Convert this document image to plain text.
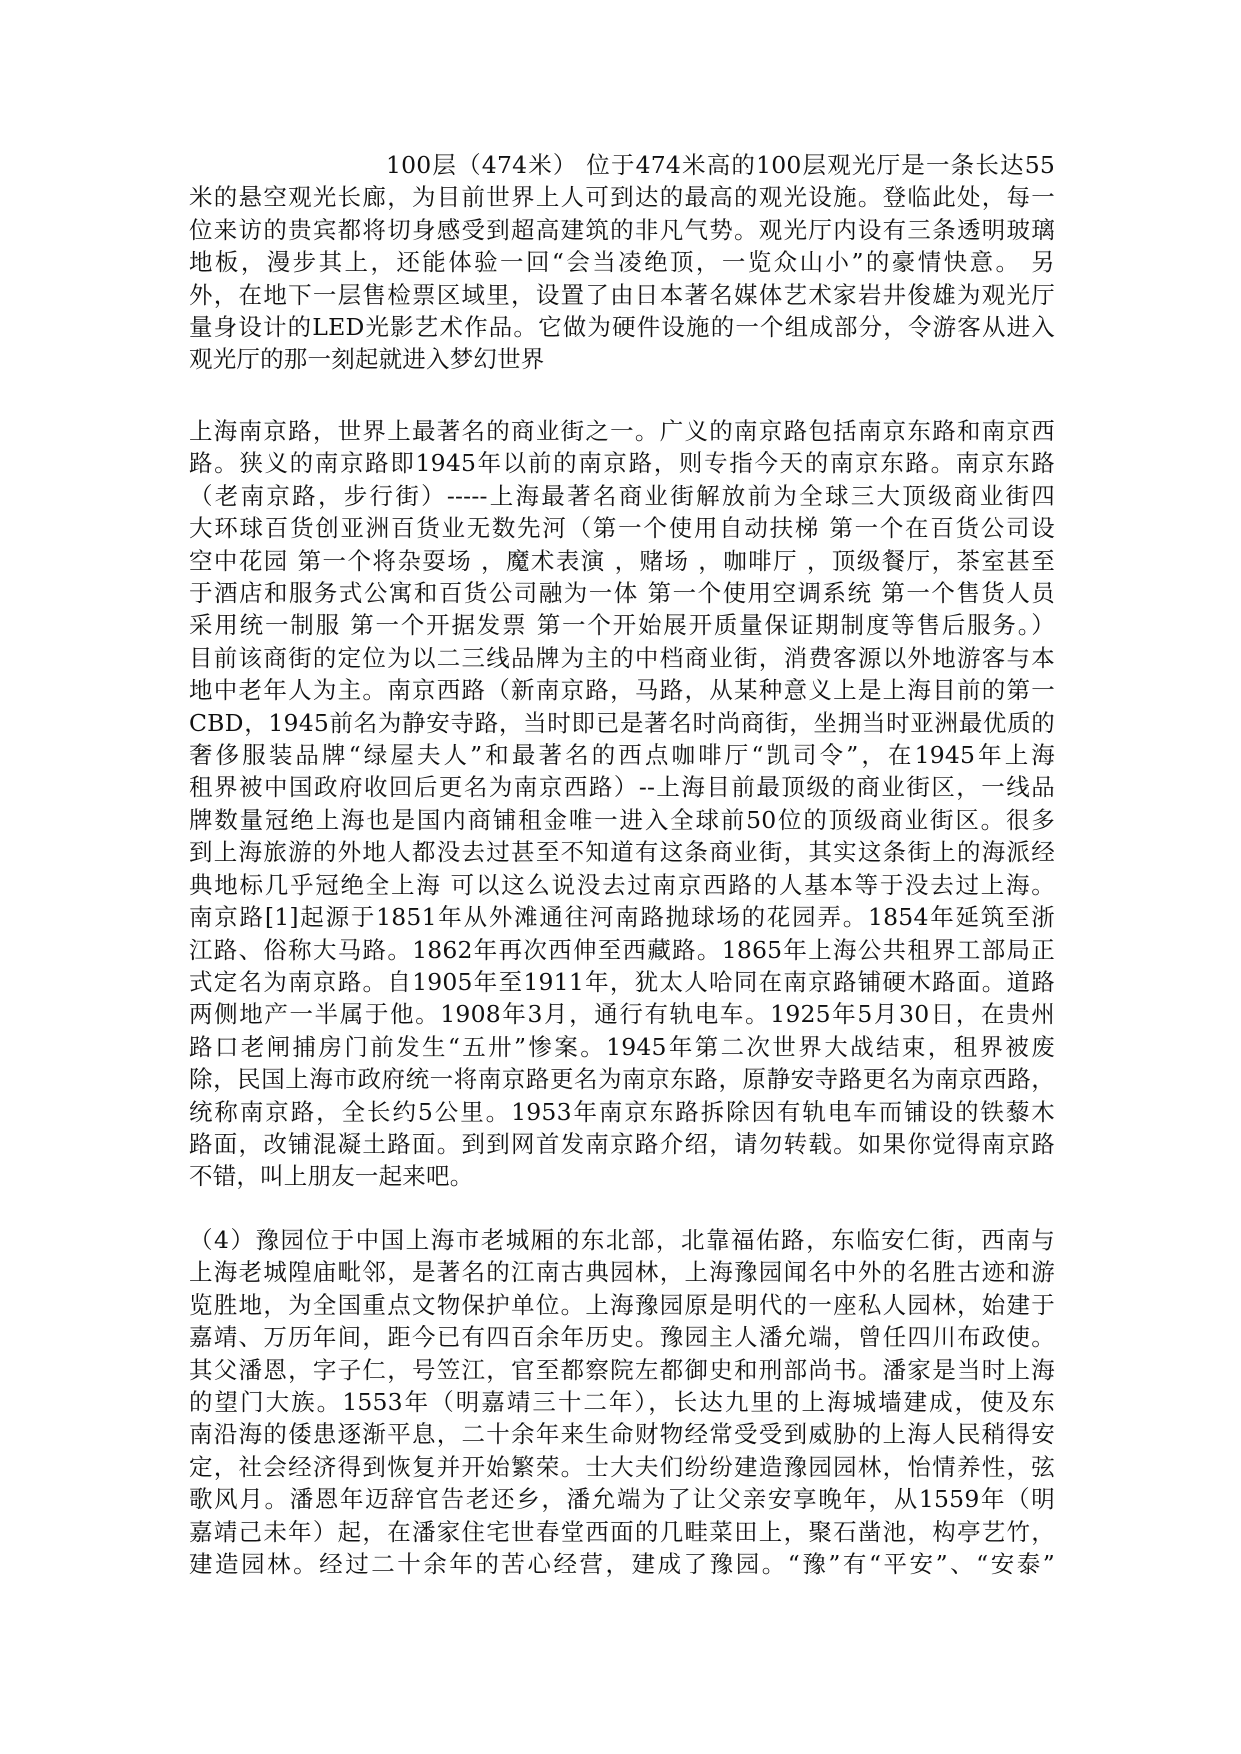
100层（474米） 位于474米高的100层观光厅是一条长达55
米的悬空观光长廊，为目前世界上人可到达的最高的观光设施。登临此处，每一
位来访的贵宾都将切身感受到超高建筑的非凡气势。观光厅内设有三条透明玻璃
地板，漫步其上，还能体验一回“会当凌绝顶，一览众山小”的豪情快意。 另
外，在地下一层售检票区域里，设置了由日本著名媒体艺术家岩井俊雄为观光厅
量身设计的LED光影艺术作品。它做为硬件设施的一个组成部分，令游客从进入
观光厅的那一刻起就进入梦幻世界
上海南京路，世界上最著名的商业街之一。广义的南京路包括南京东路和南京西
路。狭义的南京路即1945年以前的南京路，则专指今天的南京东路。南京东路
（老南京路，步行街）-----上海最著名商业街解放前为全球三大顶级商业街四
大环球百货创亚洲百货业无数先河（第一个使用自动扶梯 第一个在百货公司设
空中花园 第一个将杂耍场 ，魔术表演 ，赌场 ，咖啡厅 ，顶级餐厅，茶室甚至
于酒店和服务式公寓和百货公司融为一体 第一个使用空调系统 第一个售货人员
采用统一制服 第一个开据发票 第一个开始展开质量保证期制度等售后服务。）
目前该商街的定位为以二三线品牌为主的中档商业街，消费客源以外地游客与本
地中老年人为主。南京西路（新南京路，马路，从某种意义上是上海目前的第一
CBD，1945前名为静安寺路，当时即已是著名时尚商街，坐拥当时亚洲最优质的
奢侈服装品牌“绿屋夫人”和最著名的西点咖啡厅“凯司令”，在1945年上海
租界被中国政府收回后更名为南京西路）--上海目前最顶级的商业街区，一线品
牌数量冠绝上海也是国内商铺租金唯一进入全球前50位的顶级商业街区。很多
到上海旅游的外地人都没去过甚至不知道有这条商业街，其实这条街上的海派经
典地标几乎冠绝全上海 可以这么说没去过南京西路的人基本等于没去过上海。
南京路[1]起源于1851年从外滩通往河南路抛球场的花园弄。1854年延筑至浙
江路、俗称大马路。1862年再次西伸至西藏路。1865年上海公共租界工部局正
式定名为南京路。自1905年至1911年，犹太人哈同在南京路铺硬木路面。道路
两侧地产一半属于他。1908年3月，通行有轨电车。1925年5月30日，在贵州
路口老闸捕房门前发生“五卅”惨案。1945年第二次世界大战结束，租界被废
除，民国上海市政府统一将南京路更名为南京东路，原静安寺路更名为南京西路，
统称南京路，全长约5公里。1953年南京东路拆除因有轨电车而铺设的铁藜木
路面，改铺混凝土路面。到到网首发南京路介绍，请勿转载。如果你觉得南京路
不错，叫上朋友一起来吧。
（4）豫园位于中国上海市老城厢的东北部，北靠福佑路，东临安仁街，西南与
上海老城隍庙毗邻，是著名的江南古典园林，上海豫园闻名中外的名胜古迹和游
览胜地，为全国重点文物保护单位。上海豫园原是明代的一座私人园林，始建于
嘉靖、万历年间，距今已有四百余年历史。豫园主人潘允端，曾任四川布政使。
其父潘恩，字子仁，号笠江，官至都察院左都御史和刑部尚书。潘家是当时上海
的望门大族。1553年（明嘉靖三十二年），长达九里的上海城墙建成，使及东
南沿海的倭患逐渐平息，二十余年来生命财物经常受受到威胁的上海人民稍得安
定，社会经济得到恢复并开始繁荣。士大夫们纷纷建造豫园园林，怡情养性，弦
歌风月。潘恩年迈辞官告老还乡，潘允端为了让父亲安享晚年，从1559年（明
嘉靖己未年）起，在潘家住宅世春堂西面的几畦菜田上，聚石凿池，构亭艺竹，
建造园林。经过二十余年的苦心经营，建成了豫园。“豫”有“平安”、“安泰”
